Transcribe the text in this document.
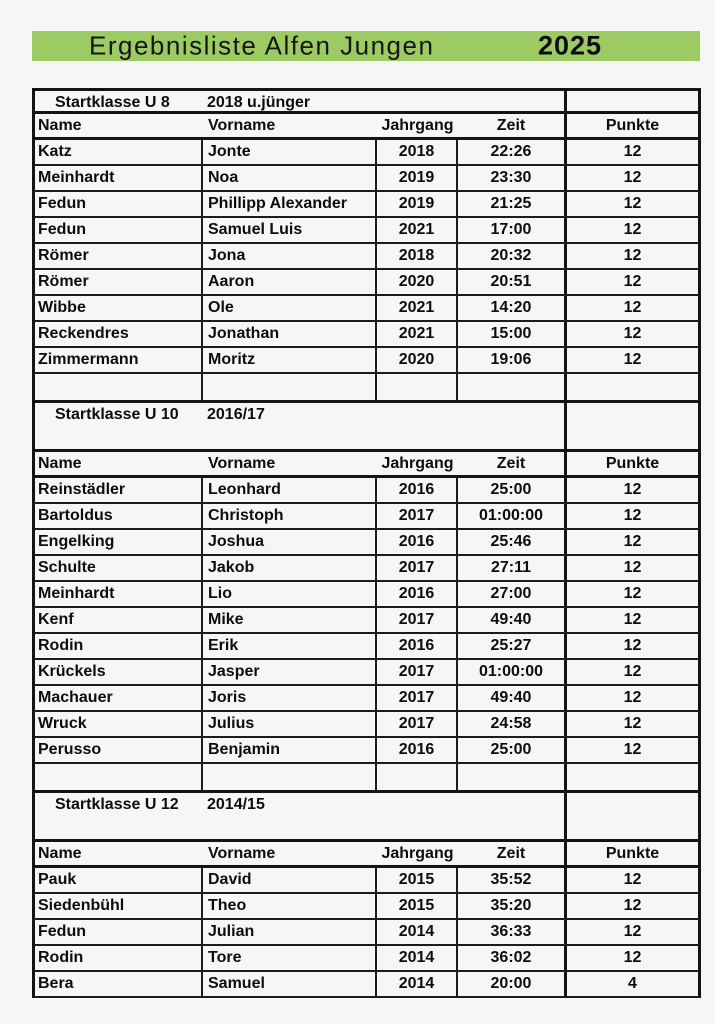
Ergebnisliste Alfen Jungen	2025
Startklasse U 8 2018 u.jünger
Name	Vorname	Jahrgang	Zeit	Punkte
Katz	Jonte	2018	22:26	12
Meinhardt	Noa	2019	23:30	12
Fedun	Phillipp Alexander	2019	21:25	12
Fedun	Samuel Luis	2021	17:00	12
Römer	Jona	2018	20:32	12
Römer	Aaron	2020	20:51	12
Wibbe	Ole	2021	14:20	12
Reckendres	Jonathan	2021	15:00	12
Zimmermann	Moritz	2020	19:06	12
Startklasse U 10 2016/17
Name	Vorname	Jahrgang	Zeit	Punkte
Reinstädler	Leonhard	2016	25:00	12
Bartoldus	Christoph	2017	01:00:00	12
Engelking	Joshua	2016	25:46	12
Schulte	Jakob	2017	27:11	12
Meinhardt	Lio	2016	27:00	12
Kenf	Mike	2017	49:40	12
Rodin	Erik	2016	25:27	12
Krückels	Jasper	2017	01:00:00	12
Machauer	Joris	2017	49:40	12
Wruck	Julius	2017	24:58	12
Perusso	Benjamin	2016	25:00	12
Startklasse U 12 2014/15
Name	Vorname	Jahrgang	Zeit	Punkte
Pauk	David	2015	35:52	12
Siedenbühl	Theo	2015	35:20	12
Fedun	Julian	2014	36:33	12
Rodin	Tore	2014	36:02	12
Bera	Samuel	2014	20:00	4
